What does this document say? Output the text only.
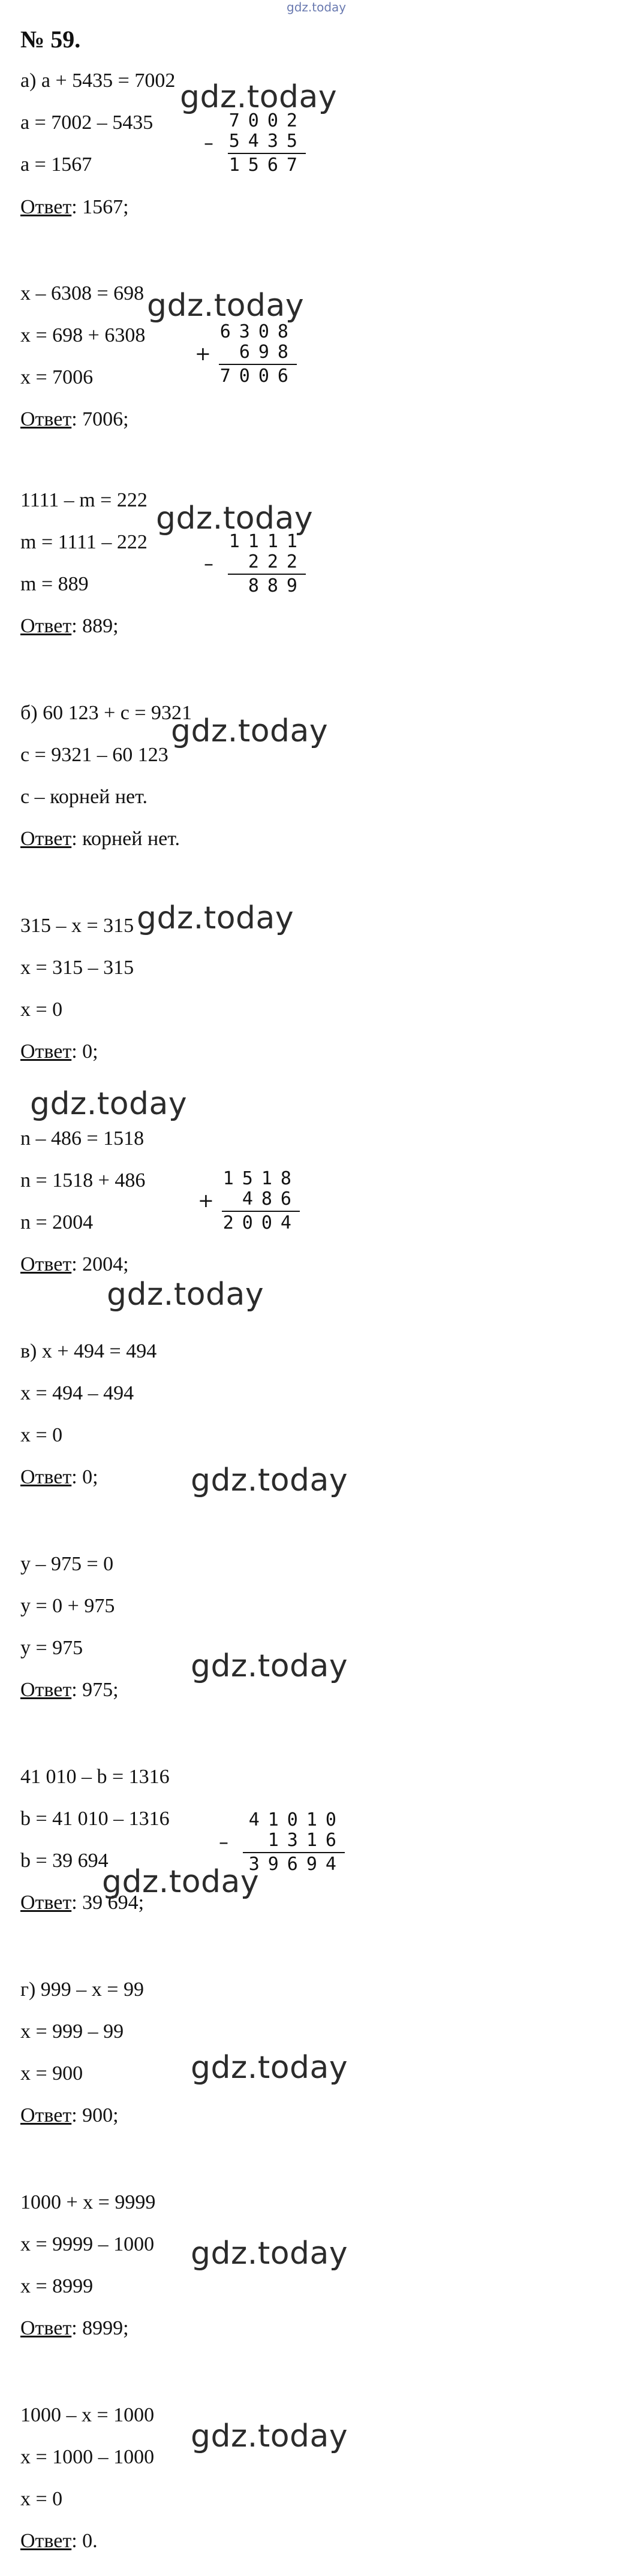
gdz.today
№ 59.
а) a + 5435 = 7002
a = 7002 – 5435
a = 1567
Ответ: 1567;
gdz.today
–
7002
5435
1567
x – 6308 = 698
x = 698 + 6308
x = 7006
Ответ: 7006;
gdz.today
+
6308
698
7006
1111 – m = 222
m = 1111 – 222
m = 889
Ответ: 889;
gdz.today
–
1111
222
889
б) 60 123 + c = 9321
c = 9321 – 60 123
c – корней нет.
Ответ: корней нет.
gdz.today
315 – x = 315
x = 315 – 315
x = 0
Ответ: 0;
gdz.today
gdz.today
n – 486 = 1518
n = 1518 + 486
n = 2004
Ответ: 2004;
+
1518
486
2004
gdz.today
в) x + 494 = 494
x = 494 – 494
x = 0
Ответ: 0;	gdz.today
y – 975 = 0
y = 0 + 975
y = 975
Ответ: 975;
gdz.today
41 010 – b = 1316
b = 41 010 – 1316
b = 39 694
Ответ: 39 694;
–
41010
1316
39694
gdz.today
г) 999 – x = 99
x = 999 – 99
x = 900
Ответ: 900;
gdz.today
1000 + x = 9999
x = 9999 – 1000
x = 8999
Ответ: 8999;
gdz.today
1000 – x = 1000
x = 1000 – 1000
x = 0
Ответ: 0.
gdz.today
